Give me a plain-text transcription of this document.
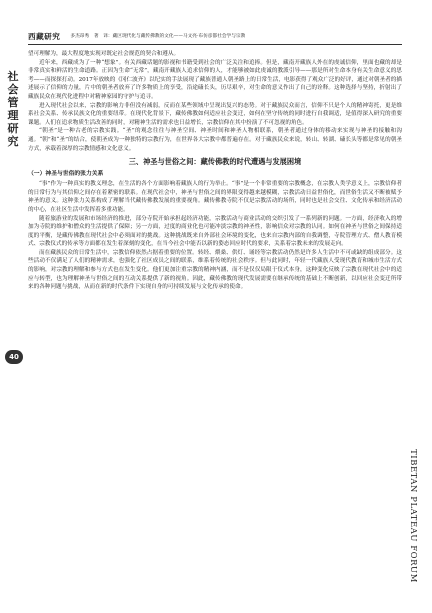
西藏研究 多杰昂秀　著　译：藏区现代化与藏传佛教的文化——马文亮·布仿彦都社会学与宗教
社
会
管
理
研
究
40
TIBETAN PLATEAU FORUM

望可理解为，最大程度地实现对既定社会规范的契合和遵从。

近年来，西藏成为了一种“想象”。有关西藏话题的影视和书籍受到社会的广泛关注和追捧。但是，藏南开藏族人外在的虔诚信仰，里面也藏的却是非常真实和鲜活的生命道路。正因为生命“无常”，藏南开藏族人追求信仰的人，才能够被如此虔诚的教派引导——那是所对生命本身有关生命意义的思考——而探探打动。2017年放映的《冈仁波齐》以纪实的手法展现了藏族普通人朝圣路上的日常生活，电影获得了观众广泛的好评，通过对朝圣者的描述展示了信仰的力量，片中的朝圣者放弃了许多物质上的享受，沿途磕长头，历尽艰辛，对生命的意义作出了自己的诠释。这种选择与坚持，折射出了藏族民众在现代化进程中对精神家园的守护与追寻。

进入现代社会以来，宗教的影响力非但没有减弱，反而在某些领域中呈现出复兴的态势。对于藏族民众而言，信仰不只是个人的精神寄托，更是维系社会关系、传承民族文化的重要纽带。在现代化背景下，藏传佛教如何适应社会变迁，如何在坚守传统的同时进行自我调适，是值得深入研究的重要课题。人们在追求物质生活改善的同时，对精神生活的需求也日益增长，宗教信仰在其中扮演了不可忽视的角色。

“朝圣”是一种古老的宗教实践。“圣”的观念往往与神圣空间、神圣时间和神圣人物相联系，朝圣者通过身体的移动来实现与神圣的接触和沟通。“朝”和“圣”的结合，使朝圣成为一种独特的宗教行为，在世界各大宗教中都普遍存在。对于藏族民众来说，转山、转湖、磕长头等都是常见的朝圣方式，承载着深厚的宗教情感和文化意义。

三、神圣与世俗之间：藏传佛教的时代遭遇与发展困境
（一）神圣与世俗的张力关系

“事”作为一种真实的教义理念，在生活的各个方面影响着藏族人的行为举止。“事”是一个非常重要的宗教概念，在宗教人类学意义上，宗教信仰者的日常行为与其信仰之间存在着紧密的联系。在现代社会中，神圣与世俗之间的界限变得越来越模糊，宗教活动日益世俗化，而世俗生活又不断被赋予神圣的意义。这种张力关系构成了理解当代藏传佛教发展的重要视角。藏传佛教寺院不仅是宗教活动的场所，同时也是社会交往、文化传承和经济活动的中心，在社区生活中发挥着多重功能。

随着旅游业的发展和市场经济的推进，部分寺院开始承担起经济功能，宗教活动与商业活动的交织引发了一系列新的问题。一方面，经济收入的增加为寺院的维护和僧众的生活提供了保障；另一方面，过度的商业化也可能冲淡宗教的神圣性，影响信众对宗教的认同。如何在神圣与世俗之间保持适度的平衡，是藏传佛教在现代社会中必须面对的挑战。这种挑战既来自外部社会环境的变化，也来自宗教内部的自我调整，寺院管理方式、僧人教育模式、宗教仪式的传承等方面都在发生着深刻的变化，在当今社会中能否以新的姿态回应时代的要求，关系着宗教未来的发展走向。

而在藏族民众的日常生活中，宗教信仰依然占据着重要的位置。转经、煨桑、供灯、诵经等宗教活动仍然是许多人生活中不可或缺的组成部分。这些活动不仅满足了人们的精神需求，也强化了社区成员之间的联系，维系着传统的社会秩序。但与此同时，年轻一代藏族人受现代教育和城市生活方式的影响，对宗教的理解和参与方式也在发生变化。他们更加注重宗教的精神内涵，而不是仅仅局限于仪式本身，这种变化反映了宗教在现代社会中的适应与转型，也为理解神圣与世俗之间的互动关系提供了新的视角。因此，藏传佛教的现代发展需要在继承传统的基础上不断创新，以回应社会变迁所带来的各种问题与挑战，从而在新的时代条件下实现自身的可持续发展与文化传承的使命。
